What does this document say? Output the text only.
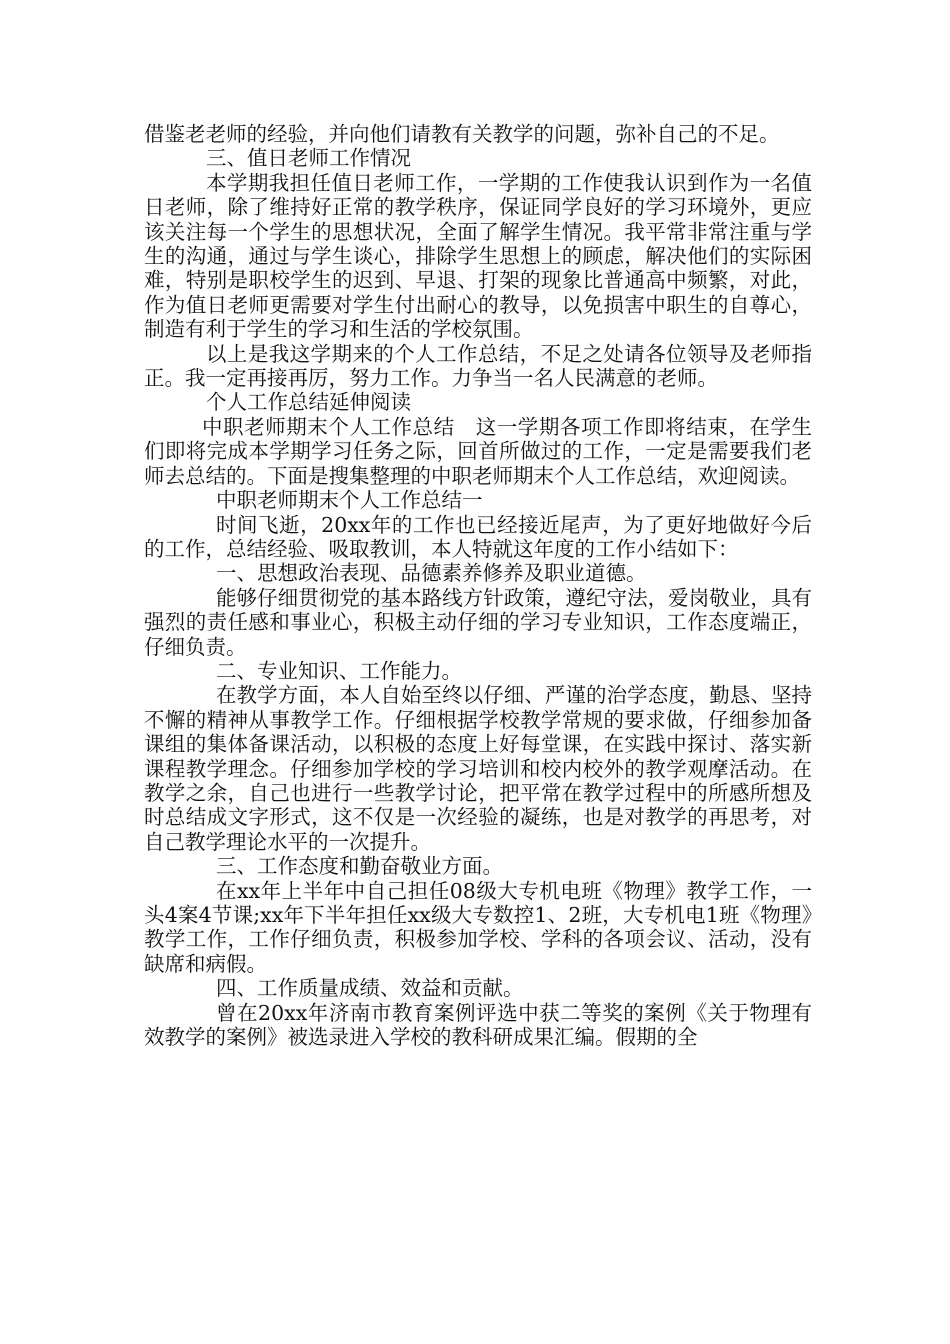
借鉴老老师的经验，并向他们请教有关教学的问题，弥补自己的不足。

三、值日老师工作情况

本学期我担任值日老师工作，一学期的工作使我认识到作为一名值日老师，除了维持好正常的教学秩序，保证同学良好的学习环境外，更应该关注每一个学生的思想状况，全面了解学生情况。我平常非常注重与学生的沟通，通过与学生谈心，排除学生思想上的顾虑，解决他们的实际困难，特别是职校学生的迟到、早退、打架的现象比普通高中频繁，对此，作为值日老师更需要对学生付出耐心的教导，以免损害中职生的自尊心，制造有利于学生的学习和生活的学校氛围。

以上是我这学期来的个人工作总结，不足之处请各位领导及老师指正。我一定再接再厉，努力工作。力争当一名人民满意的老师。

个人工作总结延伸阅读

中职老师期末个人工作总结　这一学期各项工作即将结束，在学生们即将完成本学期学习任务之际，回首所做过的工作，一定是需要我们老师去总结的。下面是搜集整理的中职老师期末个人工作总结，欢迎阅读。

中职老师期末个人工作总结一

时间飞逝，20xx年的工作也已经接近尾声，为了更好地做好今后的工作，总结经验、吸取教训，本人特就这年度的工作小结如下：

一、思想政治表现、品德素养修养及职业道德。

能够仔细贯彻党的基本路线方针政策，遵纪守法，爱岗敬业，具有强烈的责任感和事业心，积极主动仔细的学习专业知识，工作态度端正，仔细负责。

二、专业知识、工作能力。

在教学方面，本人自始至终以仔细、严谨的治学态度，勤恳、坚持不懈的精神从事教学工作。仔细根据学校教学常规的要求做，仔细参加备课组的集体备课活动，以积极的态度上好每堂课，在实践中探讨、落实新课程教学理念。仔细参加学校的学习培训和校内校外的教学观摩活动。在教学之余，自己也进行一些教学讨论，把平常在教学过程中的所感所想及时总结成文字形式，这不仅是一次经验的凝练，也是对教学的再思考，对自己教学理论水平的一次提升。

三、工作态度和勤奋敬业方面。

在xx年上半年中自己担任08级大专机电班《物理》教学工作，一头4案4节课;xx年下半年担任xx级大专数控1、2班，大专机电1班《物理》教学工作，工作仔细负责，积极参加学校、学科的各项会议、活动，没有缺席和病假。

四、工作质量成绩、效益和贡献。

曾在20xx年济南市教育案例评选中获二等奖的案例《关于物理有效教学的案例》被选录进入学校的教科研成果汇编。假期的全
